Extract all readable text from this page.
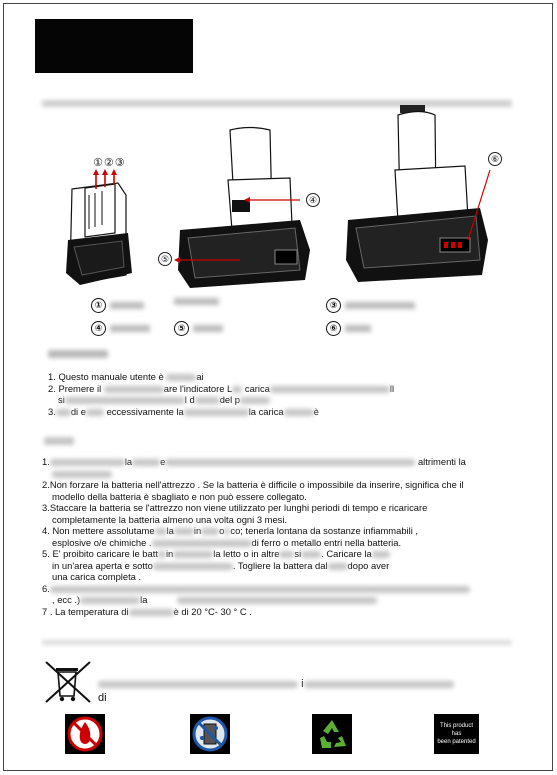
①②③
④
⑤
⑥
①	③
④	⑤	⑥

1. Questo manuale utente è	ai

2. Premere il	are l'indicatore L carica	ll

si	l d	del p

3. di e eccessivamente la	la carica	è

1.	la	e	altrimenti la

2.Non forzare la batteria nell'attrezzo . Se la batteria è difficile o impossibile da inserire, significa che il

modello della batteria è sbagliato e non può essere collegato.

3.Staccare la batteria se l'attrezzo non viene utilizzato per lunghi periodi di tempo e ricaricare

completamente la batteria almeno una volta ogni 3 mesi.

4. Non mettere assolutame la in o co; tenerla lontana da sostanze infiammabili ,

esplosive o/e chimiche .	di ferro o metallo entri nella batteria.

5. E' proibito caricare le batt in	la letto o in altre si . Caricare la

in un'area aperta e sotto	. Togliere la battera dal dopo aver

una carica completa .

6.

, ecc .)	la

7 . La temperatura di	è di 20 °C- 30 ° C .

i
di
This product
has
been patented
